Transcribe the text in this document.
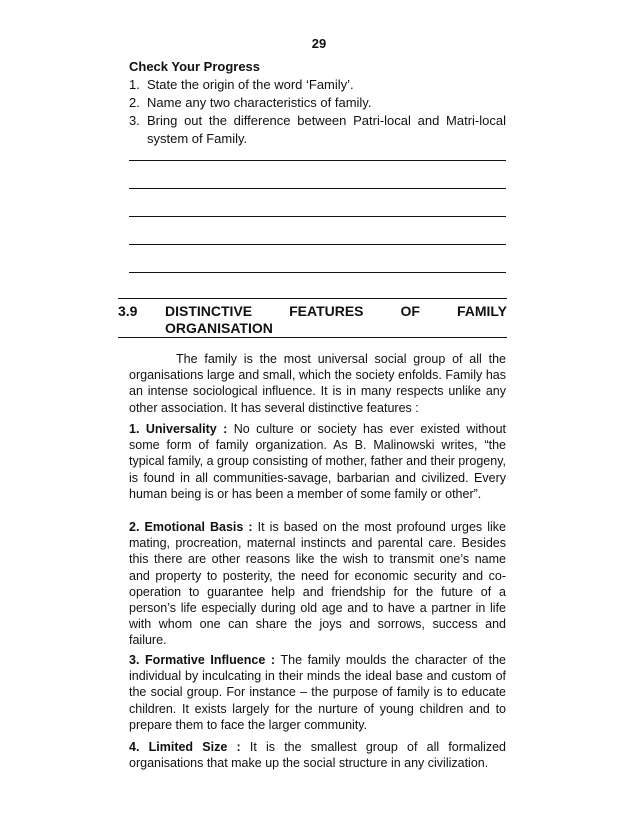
29

Check Your Progress

1. State the origin of the word ‘Family’.
2. Name any two characteristics of family.
3. Bring out the difference between Patri-local and Matri-local system of Family.
3.9	DISTINCTIVE	FEATURES	OF	FAMILY
ORGANISATION

The family is the most universal social group of all the organisations large and small, which the society enfolds. Family has an intense sociological influence. It is in many respects unlike any other association. It has several distinctive features :

1. Universality : No culture or society has ever existed without some form of family organization. As B. Malinowski writes, “the typical family, a group consisting of mother, father and their progeny, is found in all communities-savage, barbarian and civilized. Every human being is or has been a member of some family or other”.

2. Emotional Basis : It is based on the most profound urges like mating, procreation, maternal instincts and parental care. Besides this there are other reasons like the wish to transmit one’s name and property to posterity, the need for economic security and co-operation to guarantee help and friendship for the future of a person’s life especially during old age and to have a partner in life with whom one can share the joys and sorrows, success and failure.

3. Formative Influence : The family moulds the character of the individual by inculcating in their minds the ideal base and custom of the social group. For instance – the purpose of family is to educate children. It exists largely for the nurture of young children and to prepare them to face the larger community.

4. Limited Size : It is the smallest group of all formalized organisations that make up the social structure in any civilization.
